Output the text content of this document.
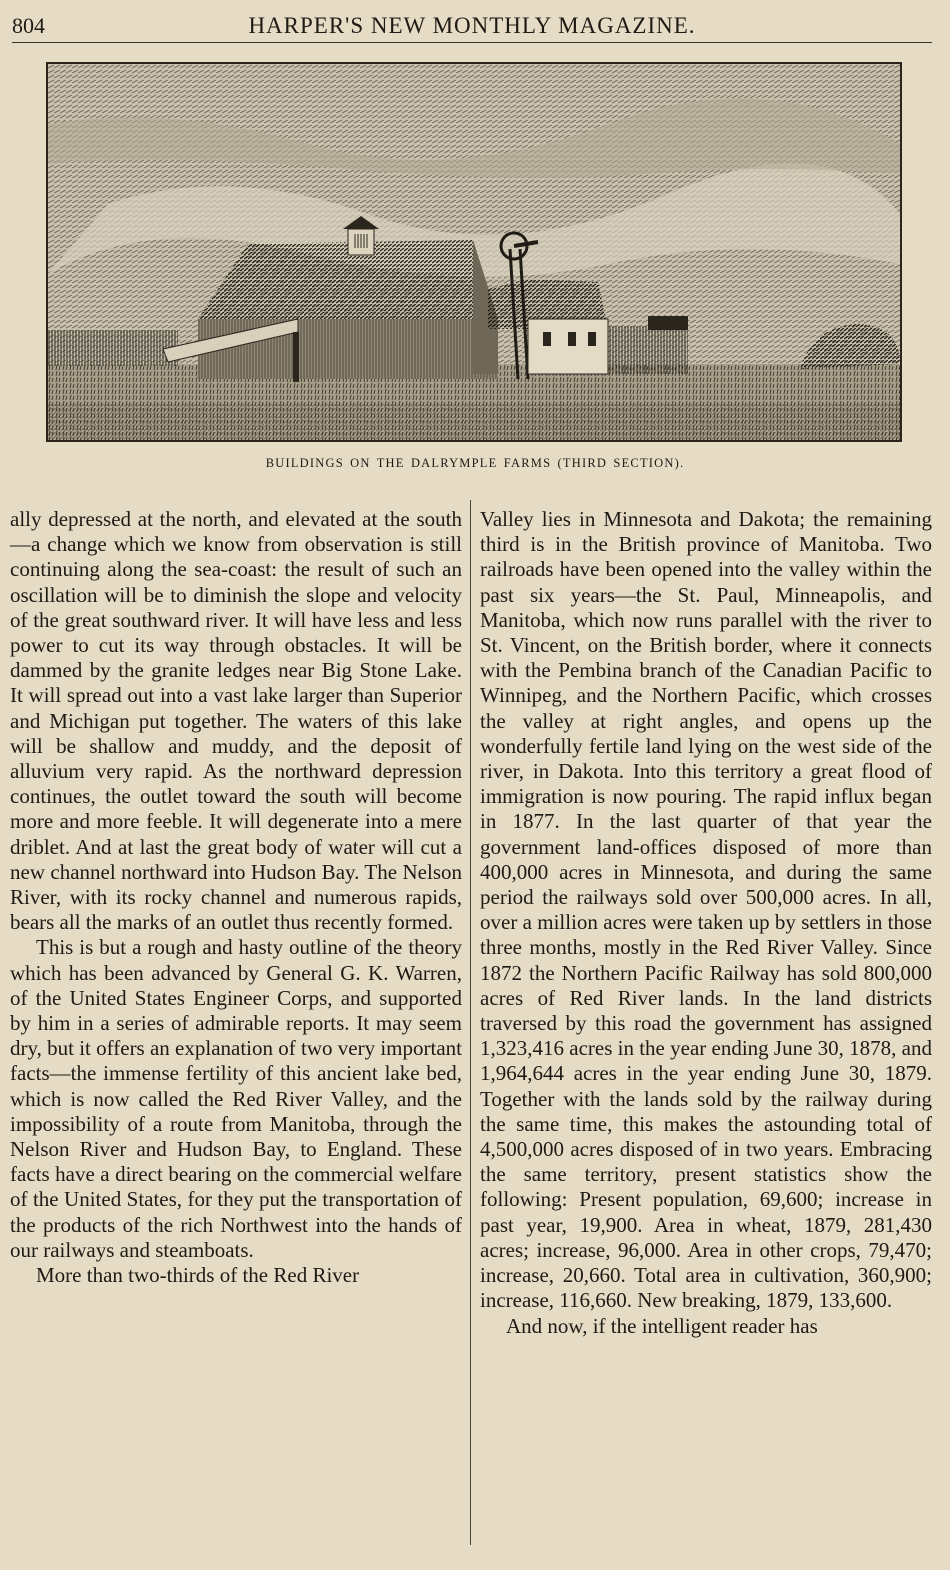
804	HARPER'S NEW MONTHLY MAGAZINE.
BUILDINGS ON THE DALRYMPLE FARMS (THIRD SECTION).

ally depressed at the north, and elevated at the south—a change which we know from observation is still continuing along the sea-coast: the result of such an oscillation will be to diminish the slope and velocity of the great southward river. It will have less and less power to cut its way through obstacles. It will be dammed by the granite ledges near Big Stone Lake. It will spread out into a vast lake larger than Superior and Michigan put together. The waters of this lake will be shallow and muddy, and the deposit of alluvium very rapid. As the northward depression continues, the outlet toward the south will become more and more feeble. It will degenerate into a mere driblet. And at last the great body of water will cut a new channel northward into Hudson Bay. The Nelson River, with its rocky channel and numerous rapids, bears all the marks of an outlet thus recently formed.

This is but a rough and hasty outline of the theory which has been advanced by General G. K. Warren, of the United States Engineer Corps, and supported by him in a series of admirable reports. It may seem dry, but it offers an explanation of two very important facts—the immense fertility of this ancient lake bed, which is now called the Red River Valley, and the impossibility of a route from Manitoba, through the Nelson River and Hudson Bay, to England. These facts have a direct bearing on the commercial welfare of the United States, for they put the transportation of the products of the rich Northwest into the hands of our railways and steamboats.

More than two-thirds of the Red River

Valley lies in Minnesota and Dakota; the remaining third is in the British province of Manitoba. Two railroads have been opened into the valley within the past six years—the St. Paul, Minneapolis, and Manitoba, which now runs parallel with the river to St. Vincent, on the British border, where it connects with the Pembina branch of the Canadian Pacific to Winnipeg, and the Northern Pacific, which crosses the valley at right angles, and opens up the wonderfully fertile land lying on the west side of the river, in Dakota. Into this territory a great flood of immigration is now pouring. The rapid influx began in 1877. In the last quarter of that year the government land-offices disposed of more than 400,000 acres in Minnesota, and during the same period the railways sold over 500,000 acres. In all, over a million acres were taken up by settlers in those three months, mostly in the Red River Valley. Since 1872 the Northern Pacific Railway has sold 800,000 acres of Red River lands. In the land districts traversed by this road the government has assigned 1,323,416 acres in the year ending June 30, 1878, and 1,964,644 acres in the year ending June 30, 1879. Together with the lands sold by the railway during the same time, this makes the astounding total of 4,500,000 acres disposed of in two years. Embracing the same territory, present statistics show the following: Present population, 69,600; increase in past year, 19,900. Area in wheat, 1879, 281,430 acres; increase, 96,000. Area in other crops, 79,470; increase, 20,660. Total area in cultivation, 360,900; increase, 116,660. New breaking, 1879, 133,600.

And now, if the intelligent reader has
